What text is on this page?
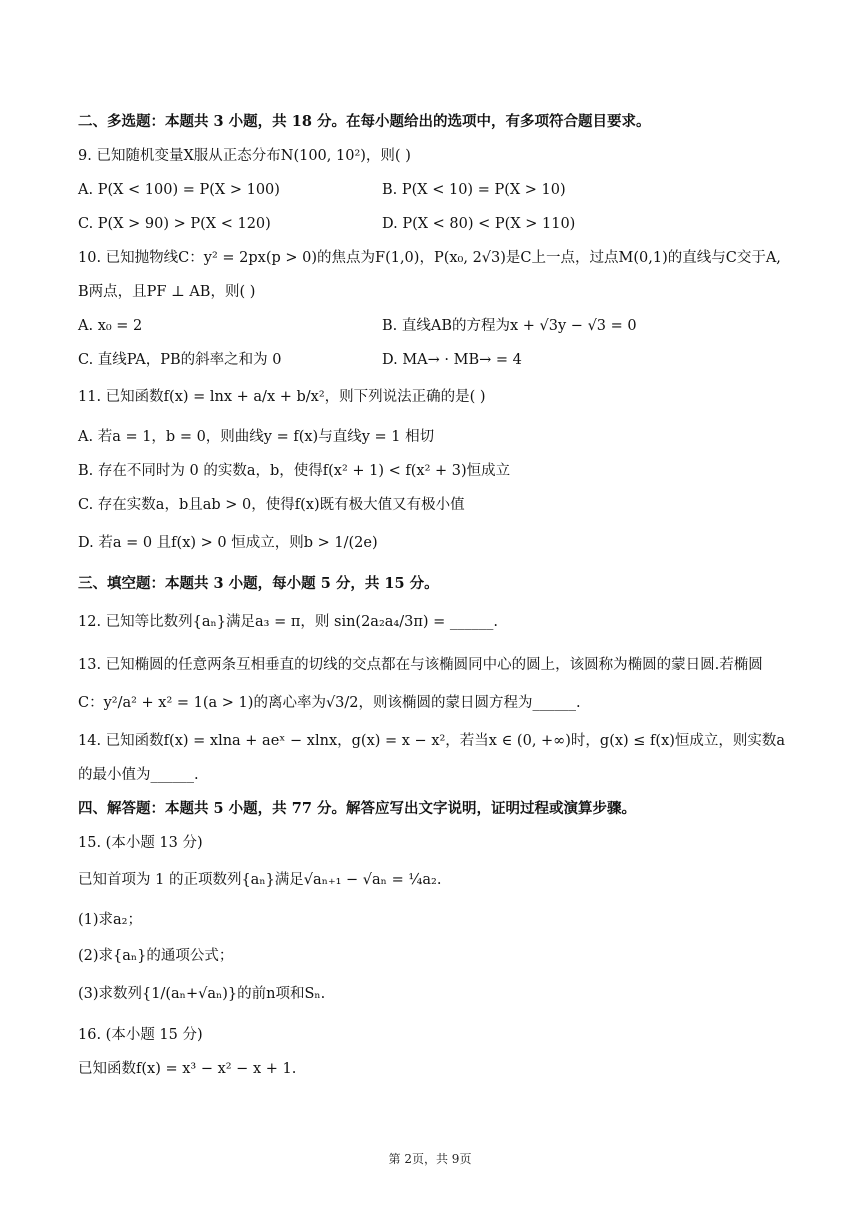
二、多选题：本题共 3 小题，共 18 分。在每小题给出的选项中，有多项符合题目要求。
9. 已知随机变量X服从正态分布N(100, 10²)，则( )
A. P(X < 100) = P(X > 100)	B. P(X < 10) = P(X > 10)
C. P(X > 90) > P(X < 120)	D. P(X < 80) < P(X > 110)
10. 已知抛物线C：y² = 2px(p > 0)的焦点为F(1,0)，P(x₀, 2√3)是C上一点，过点M(0,1)的直线与C交于A,
B两点，且PF ⊥ AB，则( )
A. x₀ = 2	B. 直线AB的方程为x + √3y − √3 = 0
C. 直线PA，PB的斜率之和为 0	D. MA→ · MB→ = 4
11. 已知函数f(x) = lnx + a/x + b/x²，则下列说法正确的是( )
A. 若a = 1，b = 0，则曲线y = f(x)与直线y = 1 相切
B. 存在不同时为 0 的实数a，b，使得f(x² + 1) < f(x² + 3)恒成立
C. 存在实数a，b且ab > 0，使得f(x)既有极大值又有极小值
D. 若a = 0 且f(x) > 0 恒成立，则b > 1/(2e)
三、填空题：本题共 3 小题，每小题 5 分，共 15 分。
12. 已知等比数列{aₙ}满足a₃ = π，则 sin(2a₂a₄/3π) = ______.
13. 已知椭圆的任意两条互相垂直的切线的交点都在与该椭圆同中心的圆上，该圆称为椭圆的蒙日圆.若椭圆
C：y²/a² + x² = 1(a > 1)的离心率为√3/2，则该椭圆的蒙日圆方程为______.
14. 已知函数f(x) = xlna + aeˣ − xlnx，g(x) = x − x²，若当x ∈ (0, +∞)时，g(x) ≤ f(x)恒成立，则实数a
的最小值为______.
四、解答题：本题共 5 小题，共 77 分。解答应写出文字说明，证明过程或演算步骤。
15. (本小题 13 分)
已知首项为 1 的正项数列{aₙ}满足√aₙ₊₁ − √aₙ = ¼a₂.
(1)求a₂；
(2)求{aₙ}的通项公式；
(3)求数列{1/(aₙ+√aₙ)}的前n项和Sₙ.
16. (本小题 15 分)
已知函数f(x) = x³ − x² − x + 1.
第 2页，共 9页
